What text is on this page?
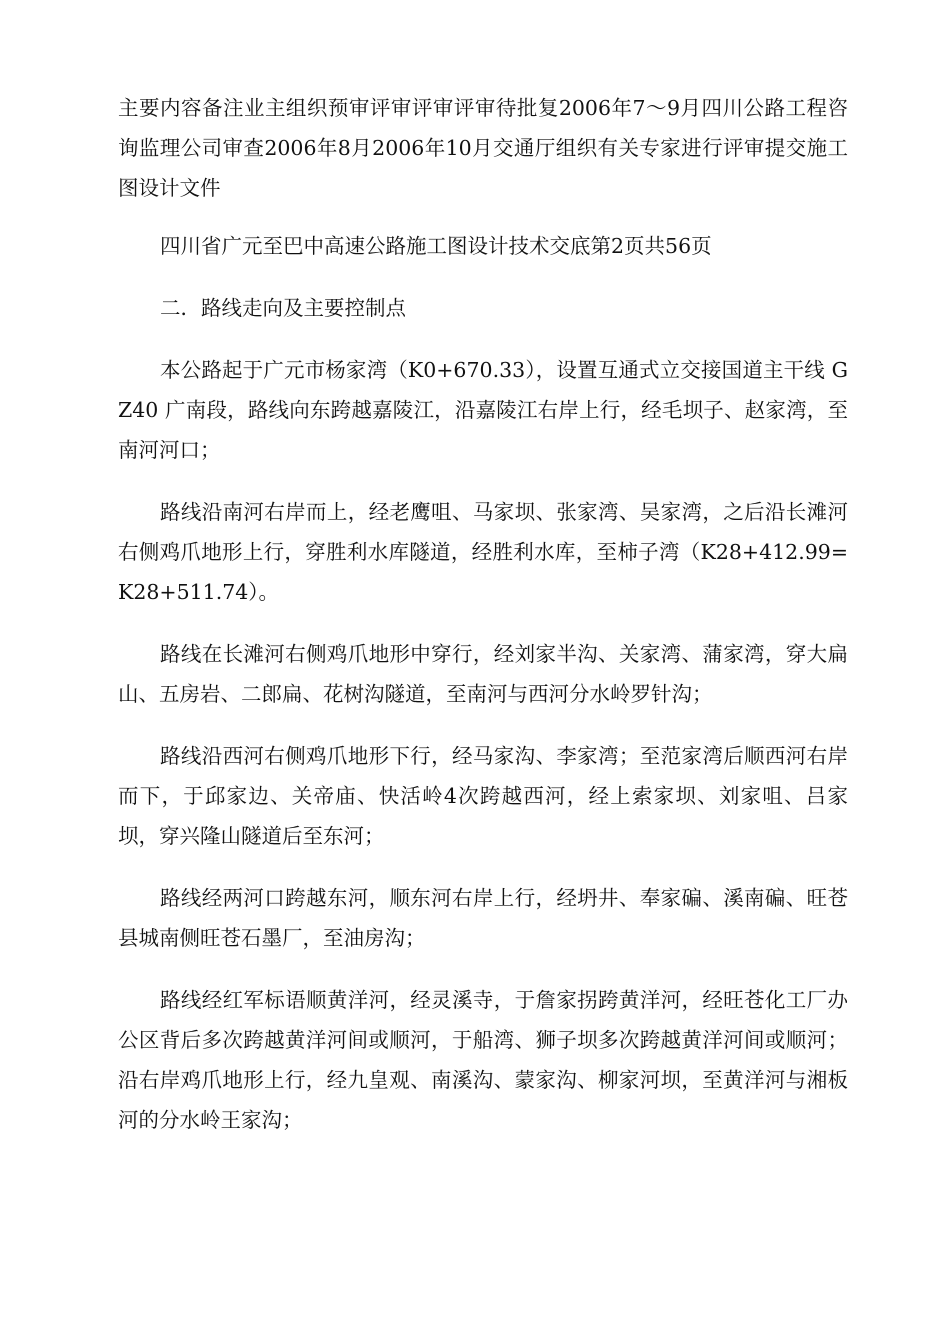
主要内容备注业主组织预审评审评审评审待批复2006年7～9月四川公路工程咨询监理公司审查2006年8月2006年10月交通厅组织有关专家进行评审提交施工图设计文件

四川省广元至巴中高速公路施工图设计技术交底第2页共56页

二．路线走向及主要控制点

本公路起于广元市杨家湾（K0+670.33），设置互通式立交接国道主干线 GZ40 广南段，路线向东跨越嘉陵江，沿嘉陵江右岸上行，经毛坝子、赵家湾，至南河河口；

路线沿南河右岸而上，经老鹰咀、马家坝、张家湾、吴家湾，之后沿长滩河右侧鸡爪地形上行，穿胜利水库隧道，经胜利水库，至柿子湾（K28+412.99=K28+511.74）。

路线在长滩河右侧鸡爪地形中穿行，经刘家半沟、关家湾、蒲家湾，穿大扁山、五房岩、二郎扁、花树沟隧道，至南河与西河分水岭罗针沟；

路线沿西河右侧鸡爪地形下行，经马家沟、李家湾；至范家湾后顺西河右岸而下，于邱家边、关帝庙、快活岭4次跨越西河，经上索家坝、刘家咀、吕家坝，穿兴隆山隧道后至东河；

路线经两河口跨越东河，顺东河右岸上行，经坍井、奉家碥、溪南碥、旺苍县城南侧旺苍石墨厂，至油房沟；

路线经红军标语顺黄洋河，经灵溪寺，于詹家拐跨黄洋河，经旺苍化工厂办公区背后多次跨越黄洋河间或顺河，于船湾、狮子坝多次跨越黄洋河间或顺河；沿右岸鸡爪地形上行，经九皇观、南溪沟、蒙家沟、柳家河坝，至黄洋河与湘板河的分水岭王家沟；
